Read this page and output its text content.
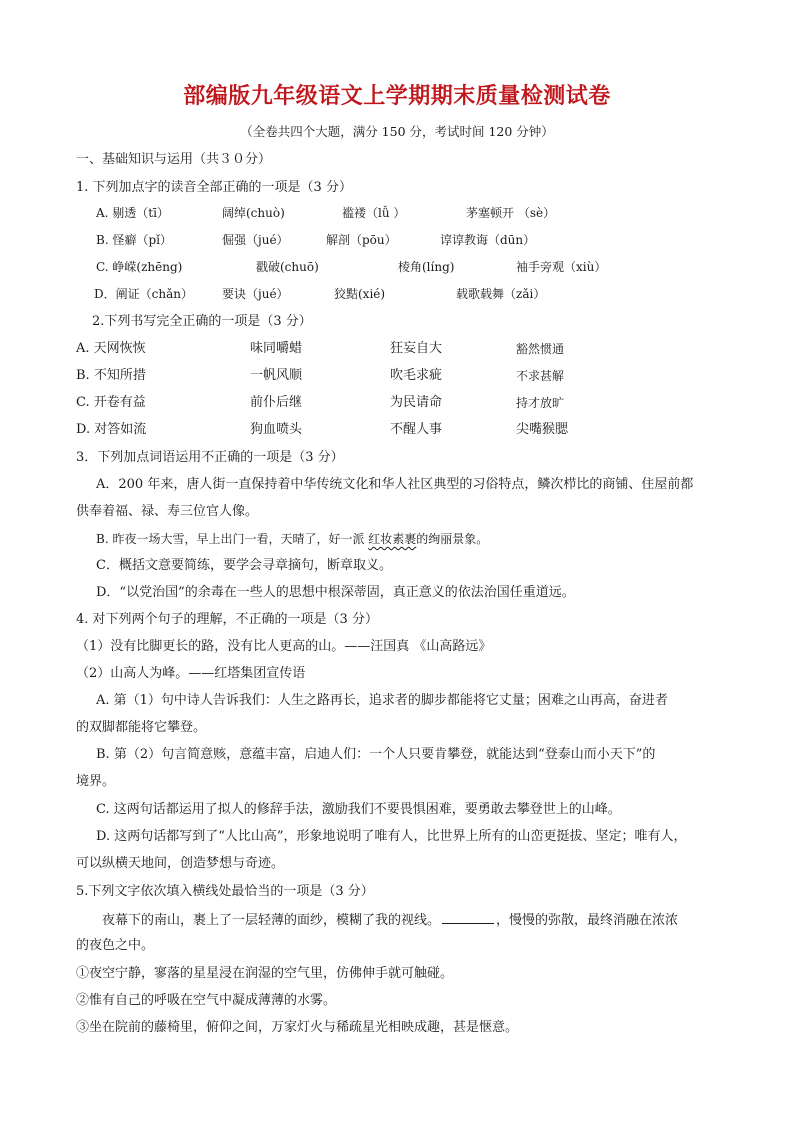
部编版九年级语文上学期期末质量检测试卷
（全卷共四个大题，满分 150 分，考试时间 120 分钟）
一、基础知识与运用（共３０分）
1. 下列加点字的读音全部正确的一项是（3 分）
A. 剔透（tī）	阔绰(chuò)	褴褛（lǚ ）	茅塞顿开 （sè）
B. 怪癖（pǐ）	倔强（jué）	解剖（pōu）	谆谆教诲（dūn）
C. 峥嵘(zhēng)	戳破(chuō)	棱角(líng)	袖手旁观（xiù）
D．阐证（chǎn） 要诀（jué）	狡黠(xié)	载歌载舞（zǎi）
2.下列书写完全正确的一项是（3 分）
A. 天网恢恢	味同嚼蜡	狂妄自大	豁然惯通
B. 不知所措	一帆风顺	吹毛求疵	不求甚解
C. 开卷有益	前仆后继	为民请命	持才放旷
D. 对答如流	狗血喷头	不醒人事	尖嘴猴腮
3．下列加点词语运用不正确的一项是（3 分）
A．200 年来，唐人街一直保持着中华传统文化和华人社区典型的习俗特点，鳞次栉比的商铺、住屋前都
供奉着福、禄、寿三位官人像。
B. 昨夜一场大雪，早上出门一看，天晴了，好一派 红妆素裹的绚丽景象。
C．概括文意要简练，要学会寻章摘句，断章取义。
D．“以党治国”的余毒在一些人的思想中根深蒂固，真正意义的依法治国任重道远。
4. 对下列两个句子的理解，不正确的一项是（3 分）
（1）没有比脚更长的路，没有比人更高的山。——汪国真 《山高路远》
（2）山高人为峰。——红塔集团宣传语
A. 第（1）句中诗人告诉我们：人生之路再长，追求者的脚步都能将它丈量；困难之山再高，奋进者
的双脚都能将它攀登。
B. 第（2）句言简意赅，意蕴丰富，启迪人们：一个人只要肯攀登，就能达到“登泰山而小天下”的
境界。
C. 这两句话都运用了拟人的修辞手法，激励我们不要畏惧困难，要勇敢去攀登世上的山峰。
D. 这两句话都写到了“人比山高”，形象地说明了唯有人，比世界上所有的山峦更挺拔、坚定；唯有人，
可以纵横天地间，创造梦想与奇迹。
5.下列文字依次填入横线处最恰当的一项是（3 分）
夜幕下的南山，裹上了一层轻薄的面纱，模糊了我的视线。	，慢慢的弥散，最终消融在浓浓
的夜色之中。
①夜空宁静，寥落的星星浸在润湿的空气里，仿佛伸手就可触碰。
②惟有自己的呼吸在空气中凝成薄薄的水雾。
③坐在院前的藤椅里，俯仰之间，万家灯火与稀疏星光相映成趣，甚是惬意。
